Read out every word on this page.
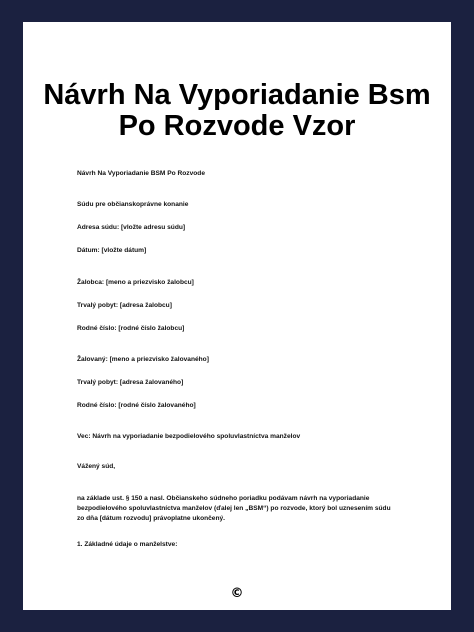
Návrh Na Vyporiadanie Bsm
Po Rozvode Vzor

Návrh Na Vyporiadanie BSM Po Rozvode

Súdu pre občianskoprávne konanie

Adresa súdu: [vložte adresu súdu]

Dátum: [vložte dátum]

Žalobca: [meno a priezvisko žalobcu]

Trvalý pobyt: [adresa žalobcu]

Rodné číslo: [rodné číslo žalobcu]

Žalovaný: [meno a priezvisko žalovaného]

Trvalý pobyt: [adresa žalovaného]

Rodné číslo: [rodné číslo žalovaného]

Vec: Návrh na vyporiadanie bezpodielového spoluvlastníctva manželov

Vážený súd,

na základe ust. § 150 a nasl. Občianskeho súdneho poriadku podávam návrh na vyporiadanie bezpodielového spoluvlastníctva manželov (ďalej len „BSM“) po rozvode, ktorý bol uznesením súdu zo dňa [dátum rozvodu] právoplatne ukončený.

1. Základné údaje o manželstve:

©
